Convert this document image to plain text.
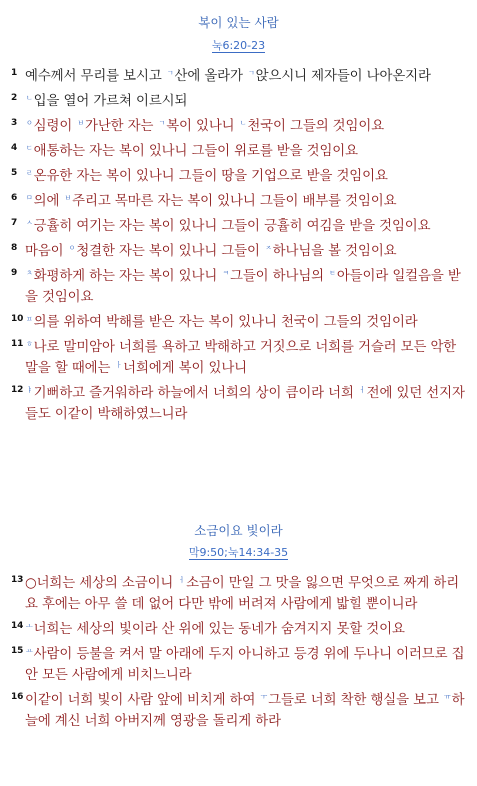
복이 있는 사람
눅6:20-23

1 예수께서 무리를 보시고 $^ㄱ$산에 올라가 $^ㄱ$앉으시니 제자들이 나아온지라

2 $^ㄴ$입을 열어 가르쳐 이르시되

3 $^ㅇ$심령이 $^ㅂ$가난한 자는 $^ㄱ$복이 있나니 $^ㄴ$천국이 그들의 것임이요

4 $^ㄷ$애통하는 자는 복이 있나니 그들이 위로를 받을 것임이요

5 $^ㄹ$온유한 자는 복이 있나니 그들이 땅을 기업으로 받을 것임이요

6 $^ㅁ$의에 $^ㅂ$주리고 목마른 자는 복이 있나니 그들이 배부를 것임이요

7 $^ㅅ$긍휼히 여기는 자는 복이 있나니 그들이 긍휼히 여김을 받을 것임이요

8 마음이 $^ㅇ$청결한 자는 복이 있나니 그들이 $^ㅈ$하나님을 볼 것임이요

9 $^ㅊ$화평하게 하는 자는 복이 있나니 $^ㅋ$그들이 하나님의 $^ㅌ$아들이라 일컬음을 받을 것임이요

10 $^ㅍ$의를 위하여 박해를 받은 자는 복이 있나니 천국이 그들의 것임이라

11 $^ㅎ$나로 말미암아 너희를 욕하고 박해하고 거짓으로 너희를 거슬러 모든 악한 말을 할 때에는 $^ㅏ$너희에게 복이 있나니

12 $^ㅑ$기뻐하고 즐거워하라 하늘에서 너희의 상이 큼이라 너희 $^ㅓ$전에 있던 선지자들도 이같이 박해하였느니라

소금이요 빛이라
막9:50;눅14:34-35

13 ○너희는 세상의 소금이니 $^ㅓ$소금이 만일 그 맛을 잃으면 무엇으로 짜게 하리요 후에는 아무 쓸 데 없어 다만 밖에 버려져 사람에게 밟힐 뿐이니라

14 $^ㅗ$너희는 세상의 빛이라 산 위에 있는 동네가 숨겨지지 못할 것이요

15 $^ㅛ$사람이 등불을 켜서 말 아래에 두지 아니하고 등경 위에 두나니 이러므로 집 안 모든 사람에게 비치느니라

16 이같이 너희 빛이 사람 앞에 비치게 하여 $^ㅜ$그들로 너희 착한 행실을 보고 $^ㅠ$하늘에 계신 너희 아버지께 영광을 돌리게 하라
